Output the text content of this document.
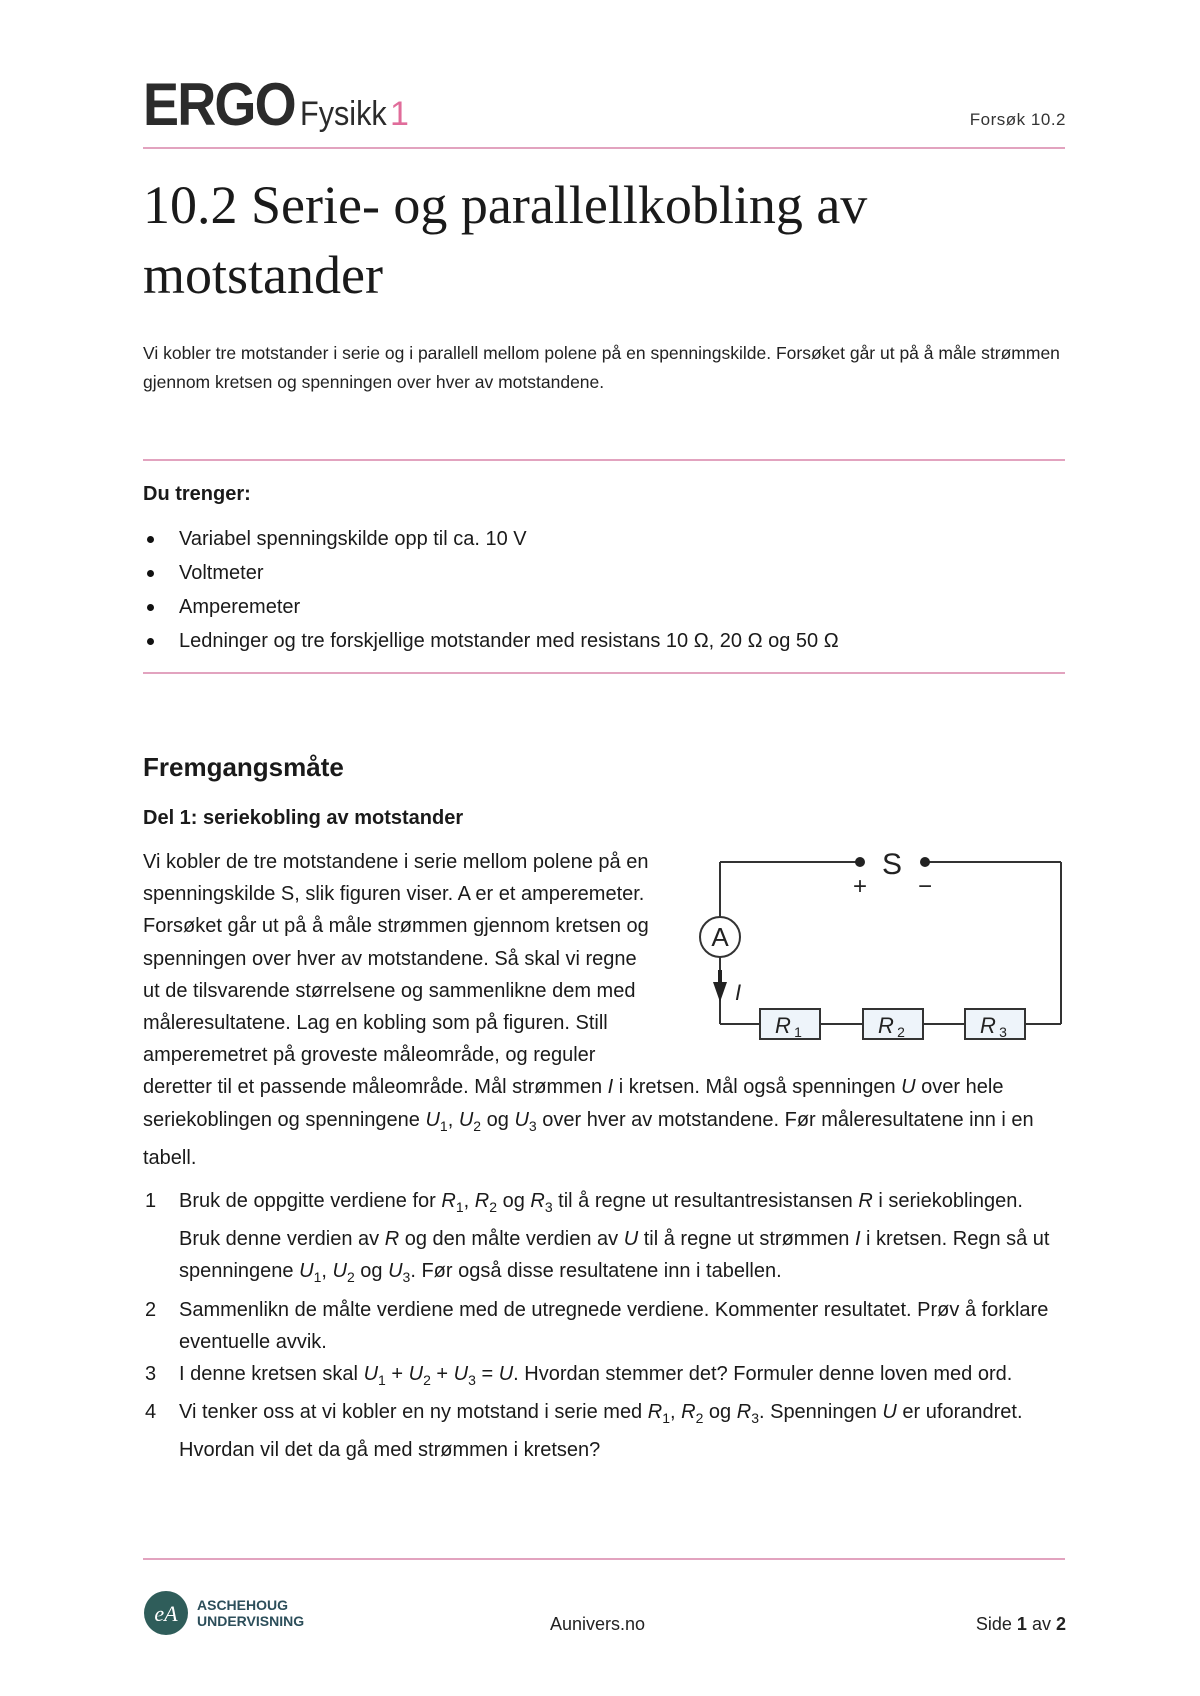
ERGO Fysikk 1	Forsøk 10.2
10.2 Serie- og parallellkobling av motstander

Vi kobler tre motstander i serie og i parallell mellom polene på en spenningskilde. Forsøket går ut på å måle strømmen gjennom kretsen og spenningen over hver av motstandene.

Du trenger:

Variabel spenningskilde opp til ca. 10 V
Voltmeter
Amperemeter
Ledninger og tre forskjellige motstander med resistans 10 Ω, 20 Ω og 50 Ω
Fremgangsmåte
Del 1: seriekobling av motstander

Vi kobler de tre motstandene i serie mellom polene på en spenningskilde S, slik figuren viser. A er et amperemeter. Forsøket går ut på å måle strømmen gjennom kretsen og spenningen over hver av motstandene. Så skal vi regne ut de tilsvarende størrelsene og sammenlikne dem med måleresultatene. Lag en kobling som på figuren. Still amperemetret på groveste måleområde, og reguler deretter til et passende måleområde. Mål strømmen I i kretsen. Mål også spenningen U over hele seriekoblingen og spenningene $U_1$, $U_2$ og $U_3$ over hver av motstandene. Før måleresultatene inn i en tabell.

S
+ −
A
I
R 1	R 2	R 3
1 Bruk de oppgitte verdiene for $R_1$, $R_2$ og $R_3$ til å regne ut resultantresistansen R i seriekoblingen. Bruk denne verdien av R og den målte verdien av U til å regne ut strømmen I i kretsen. Regn så ut spenningene $U_1$, $U_2$ og $U_3$. Før også disse resultatene inn i tabellen.
2 Sammenlikn de målte verdiene med de utregnede verdiene. Kommenter resultatet. Prøv å forklare eventuelle avvik.
3 I denne kretsen skal $U_1 + U_2 + U_3 = U$. Hvordan stemmer det? Formuler denne loven med ord.
4 Vi tenker oss at vi kobler en ny motstand i serie med $R_1$, $R_2$ og $R_3$. Spenningen U er uforandret. Hvordan vil det da gå med strømmen i kretsen?
eA ASCHEHOUG
UNDERVISNING	Aunivers.no	Side 1 av 2
